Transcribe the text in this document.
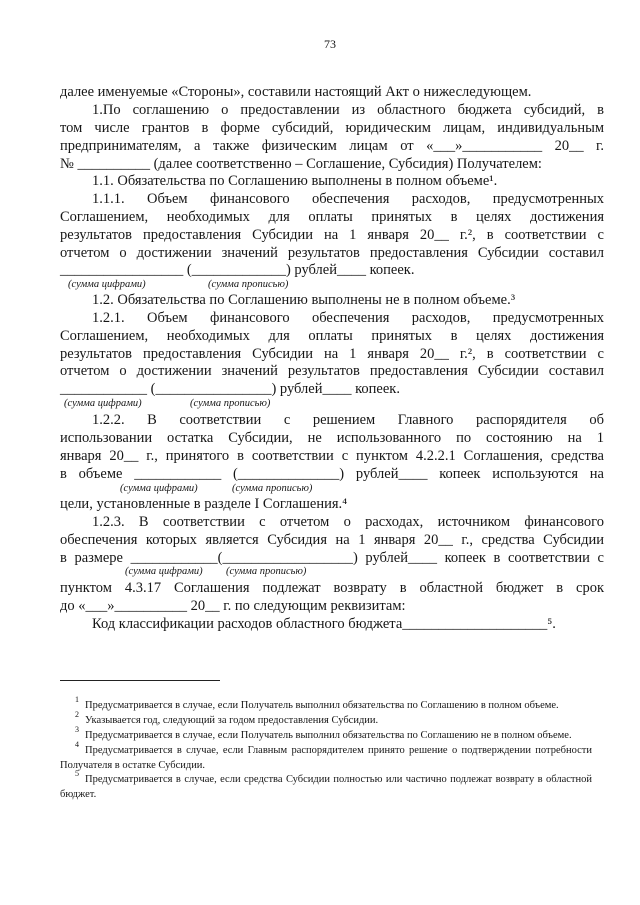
73
далее именуемые «Стороны», составили настоящий Акт о нижеследующем.
1.По соглашению о предоставлении из областного бюджета субсидий, в
том числе грантов в форме субсидий, юридическим лицам, индивидуальным
предпринимателям, а также физическим лицам от «___»___________ 20__ г.
№ __________ (далее соответственно – Соглашение, Субсидия) Получателем:
1.1. Обязательства по Соглашению выполнены в полном объеме¹.
1.1.1. Объем финансового обеспечения расходов, предусмотренных
Соглашением, необходимых для оплаты принятых в целях достижения
результатов предоставления Субсидии на 1 января 20__ г.², в соответствии с
отчетом о достижении значений результатов предоставления Субсидии составил
_________________ (_____________) рублей____ копеек.
(сумма цифрами)	(сумма прописью)
1.2. Обязательства по Соглашению выполнены не в полном объеме.³
1.2.1. Объем финансового обеспечения расходов, предусмотренных
Соглашением, необходимых для оплаты принятых в целях достижения
результатов предоставления Субсидии на 1 января 20__ г.², в соответствии с
отчетом о достижении значений результатов предоставления Субсидии составил
____________ (________________) рублей____ копеек.
(сумма цифрами)	(сумма прописью)
1.2.2. В соответствии с решением Главного распорядителя об
использовании остатка Субсидии, не использованного по состоянию на 1
января 20__ г., принятого в соответствии с пунктом 4.2.2.1 Соглашения, средства
в объеме ____________ (______________) рублей____ копеек используются на
(сумма цифрами)	(сумма прописью)
цели, установленные в разделе I Соглашения.⁴
1.2.3. В соответствии с отчетом о расходах, источником финансового
обеспечения которых является Субсидия на 1 января 20__ г., средства Субсидии
в размере ____________(__________________) рублей____ копеек в соответствии с
(сумма цифрами) (сумма прописью)
пунктом 4.3.17 Соглашения подлежат возврату в областной бюджет в срок
до «___»__________ 20__ г. по следующим реквизитам:
Код классификации расходов областного бюджета____________________⁵.
1
Предусматривается в случае, если Получатель выполнил обязательства по Соглашению в полном объеме.
2
Указывается год, следующий за годом предоставления Субсидии.
3
Предусматривается в случае, если Получатель выполнил обязательства по Соглашению не в полном объеме.
4
Предусматривается в случае, если Главным распорядителем принято решение о подтверждении потребности
Получателя в остатке Субсидии.
5
Предусматривается в случае, если средства Субсидии полностью или частично подлежат возврату в областной
бюджет.
